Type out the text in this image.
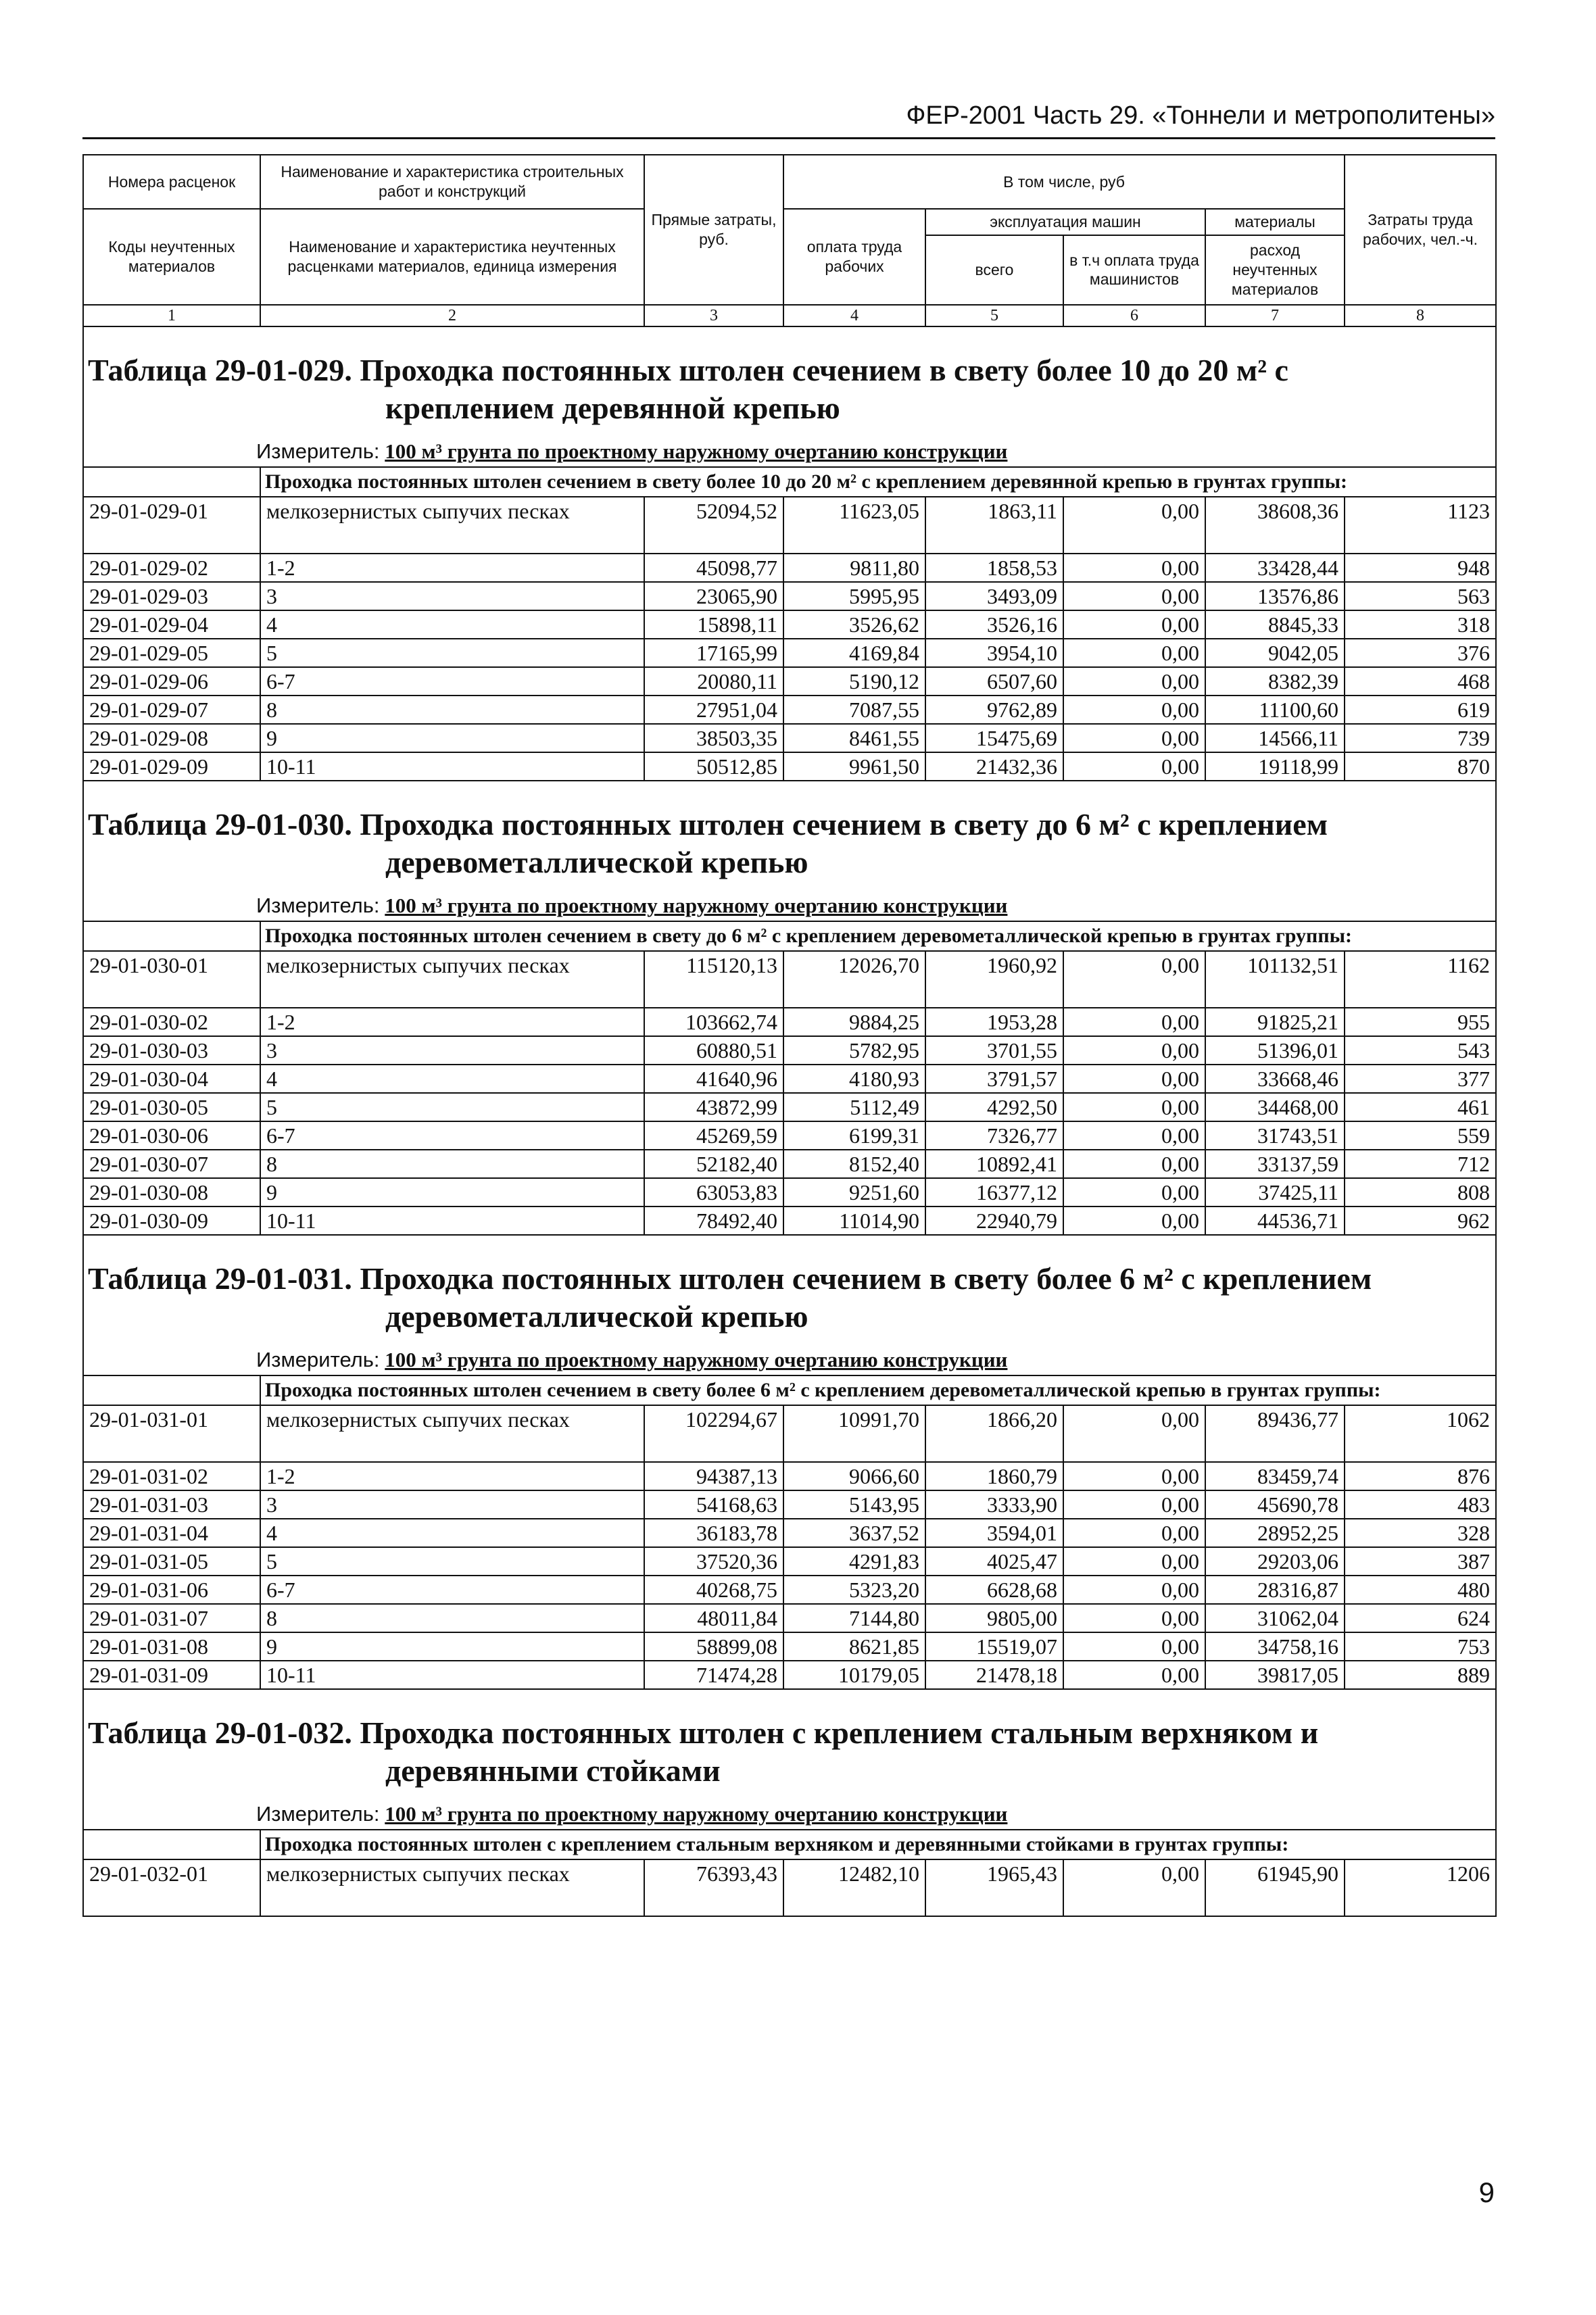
ФЕР-2001 Часть 29. «Тоннели и метрополитены»
Номера расценок	Наименование и характеристика строительных работ и конструкций	Прямые затраты, руб.	В том числе, руб				Затраты труда рабочих, чел.-ч.
Коды неучтенных материалов	Наименование и характеристика неучтенных расценками материалов, единица измерения		оплата труда рабочих	эксплуатация машин		материалы	
				всего	в т.ч оплата труда машинистов	расход неучтенных материалов	

1	2	3	4	5	6	7	8

Таблица 29-01-029. Проходка постоянных штолен сечением в свету более 10 до 20 м² с
креплением деревянной крепью							

Измеритель: 100 м³ грунта по проектному наружному очертанию конструкции							
	Проходка постоянных штолен сечением в свету более 10 до 20 м² с креплением деревянной крепью в грунтах группы:						
29-01-029-01	мелкозернистых сыпучих песках	52094,52	11623,05	1863,11	0,00	38608,36	1123
29-01-029-02	1-2	45098,77	9811,80	1858,53	0,00	33428,44	948
29-01-029-03	3	23065,90	5995,95	3493,09	0,00	13576,86	563
29-01-029-04	4	15898,11	3526,62	3526,16	0,00	8845,33	318
29-01-029-05	5	17165,99	4169,84	3954,10	0,00	9042,05	376
29-01-029-06	6-7	20080,11	5190,12	6507,60	0,00	8382,39	468
29-01-029-07	8	27951,04	7087,55	9762,89	0,00	11100,60	619
29-01-029-08	9	38503,35	8461,55	15475,69	0,00	14566,11	739
29-01-029-09	10-11	50512,85	9961,50	21432,36	0,00	19118,99	870

Таблица 29-01-030. Проходка постоянных штолен сечением в свету до 6 м² с креплением
деревометаллической крепью							

Измеритель: 100 м³ грунта по проектному наружному очертанию конструкции							
	Проходка постоянных штолен сечением в свету до 6 м² с креплением деревометаллической крепью в грунтах группы:						
29-01-030-01	мелкозернистых сыпучих песках	115120,13	12026,70	1960,92	0,00	101132,51	1162
29-01-030-02	1-2	103662,74	9884,25	1953,28	0,00	91825,21	955
29-01-030-03	3	60880,51	5782,95	3701,55	0,00	51396,01	543
29-01-030-04	4	41640,96	4180,93	3791,57	0,00	33668,46	377
29-01-030-05	5	43872,99	5112,49	4292,50	0,00	34468,00	461
29-01-030-06	6-7	45269,59	6199,31	7326,77	0,00	31743,51	559
29-01-030-07	8	52182,40	8152,40	10892,41	0,00	33137,59	712
29-01-030-08	9	63053,83	9251,60	16377,12	0,00	37425,11	808
29-01-030-09	10-11	78492,40	11014,90	22940,79	0,00	44536,71	962

Таблица 29-01-031. Проходка постоянных штолен сечением в свету более 6 м² с креплением
деревометаллической крепью							

Измеритель: 100 м³ грунта по проектному наружному очертанию конструкции							
	Проходка постоянных штолен сечением в свету более 6 м² с креплением деревометаллической крепью в грунтах группы:						
29-01-031-01	мелкозернистых сыпучих песках	102294,67	10991,70	1866,20	0,00	89436,77	1062
29-01-031-02	1-2	94387,13	9066,60	1860,79	0,00	83459,74	876
29-01-031-03	3	54168,63	5143,95	3333,90	0,00	45690,78	483
29-01-031-04	4	36183,78	3637,52	3594,01	0,00	28952,25	328
29-01-031-05	5	37520,36	4291,83	4025,47	0,00	29203,06	387
29-01-031-06	6-7	40268,75	5323,20	6628,68	0,00	28316,87	480
29-01-031-07	8	48011,84	7144,80	9805,00	0,00	31062,04	624
29-01-031-08	9	58899,08	8621,85	15519,07	0,00	34758,16	753
29-01-031-09	10-11	71474,28	10179,05	21478,18	0,00	39817,05	889

Таблица 29-01-032. Проходка постоянных штолен с креплением стальным верхняком и
деревянными стойками							

Измеритель: 100 м³ грунта по проектному наружному очертанию конструкции							
	Проходка постоянных штолен с креплением стальным верхняком и деревянными стойками в грунтах группы:						
29-01-032-01	мелкозернистых сыпучих песках	76393,43	12482,10	1965,43	0,00	61945,90	1206
9
